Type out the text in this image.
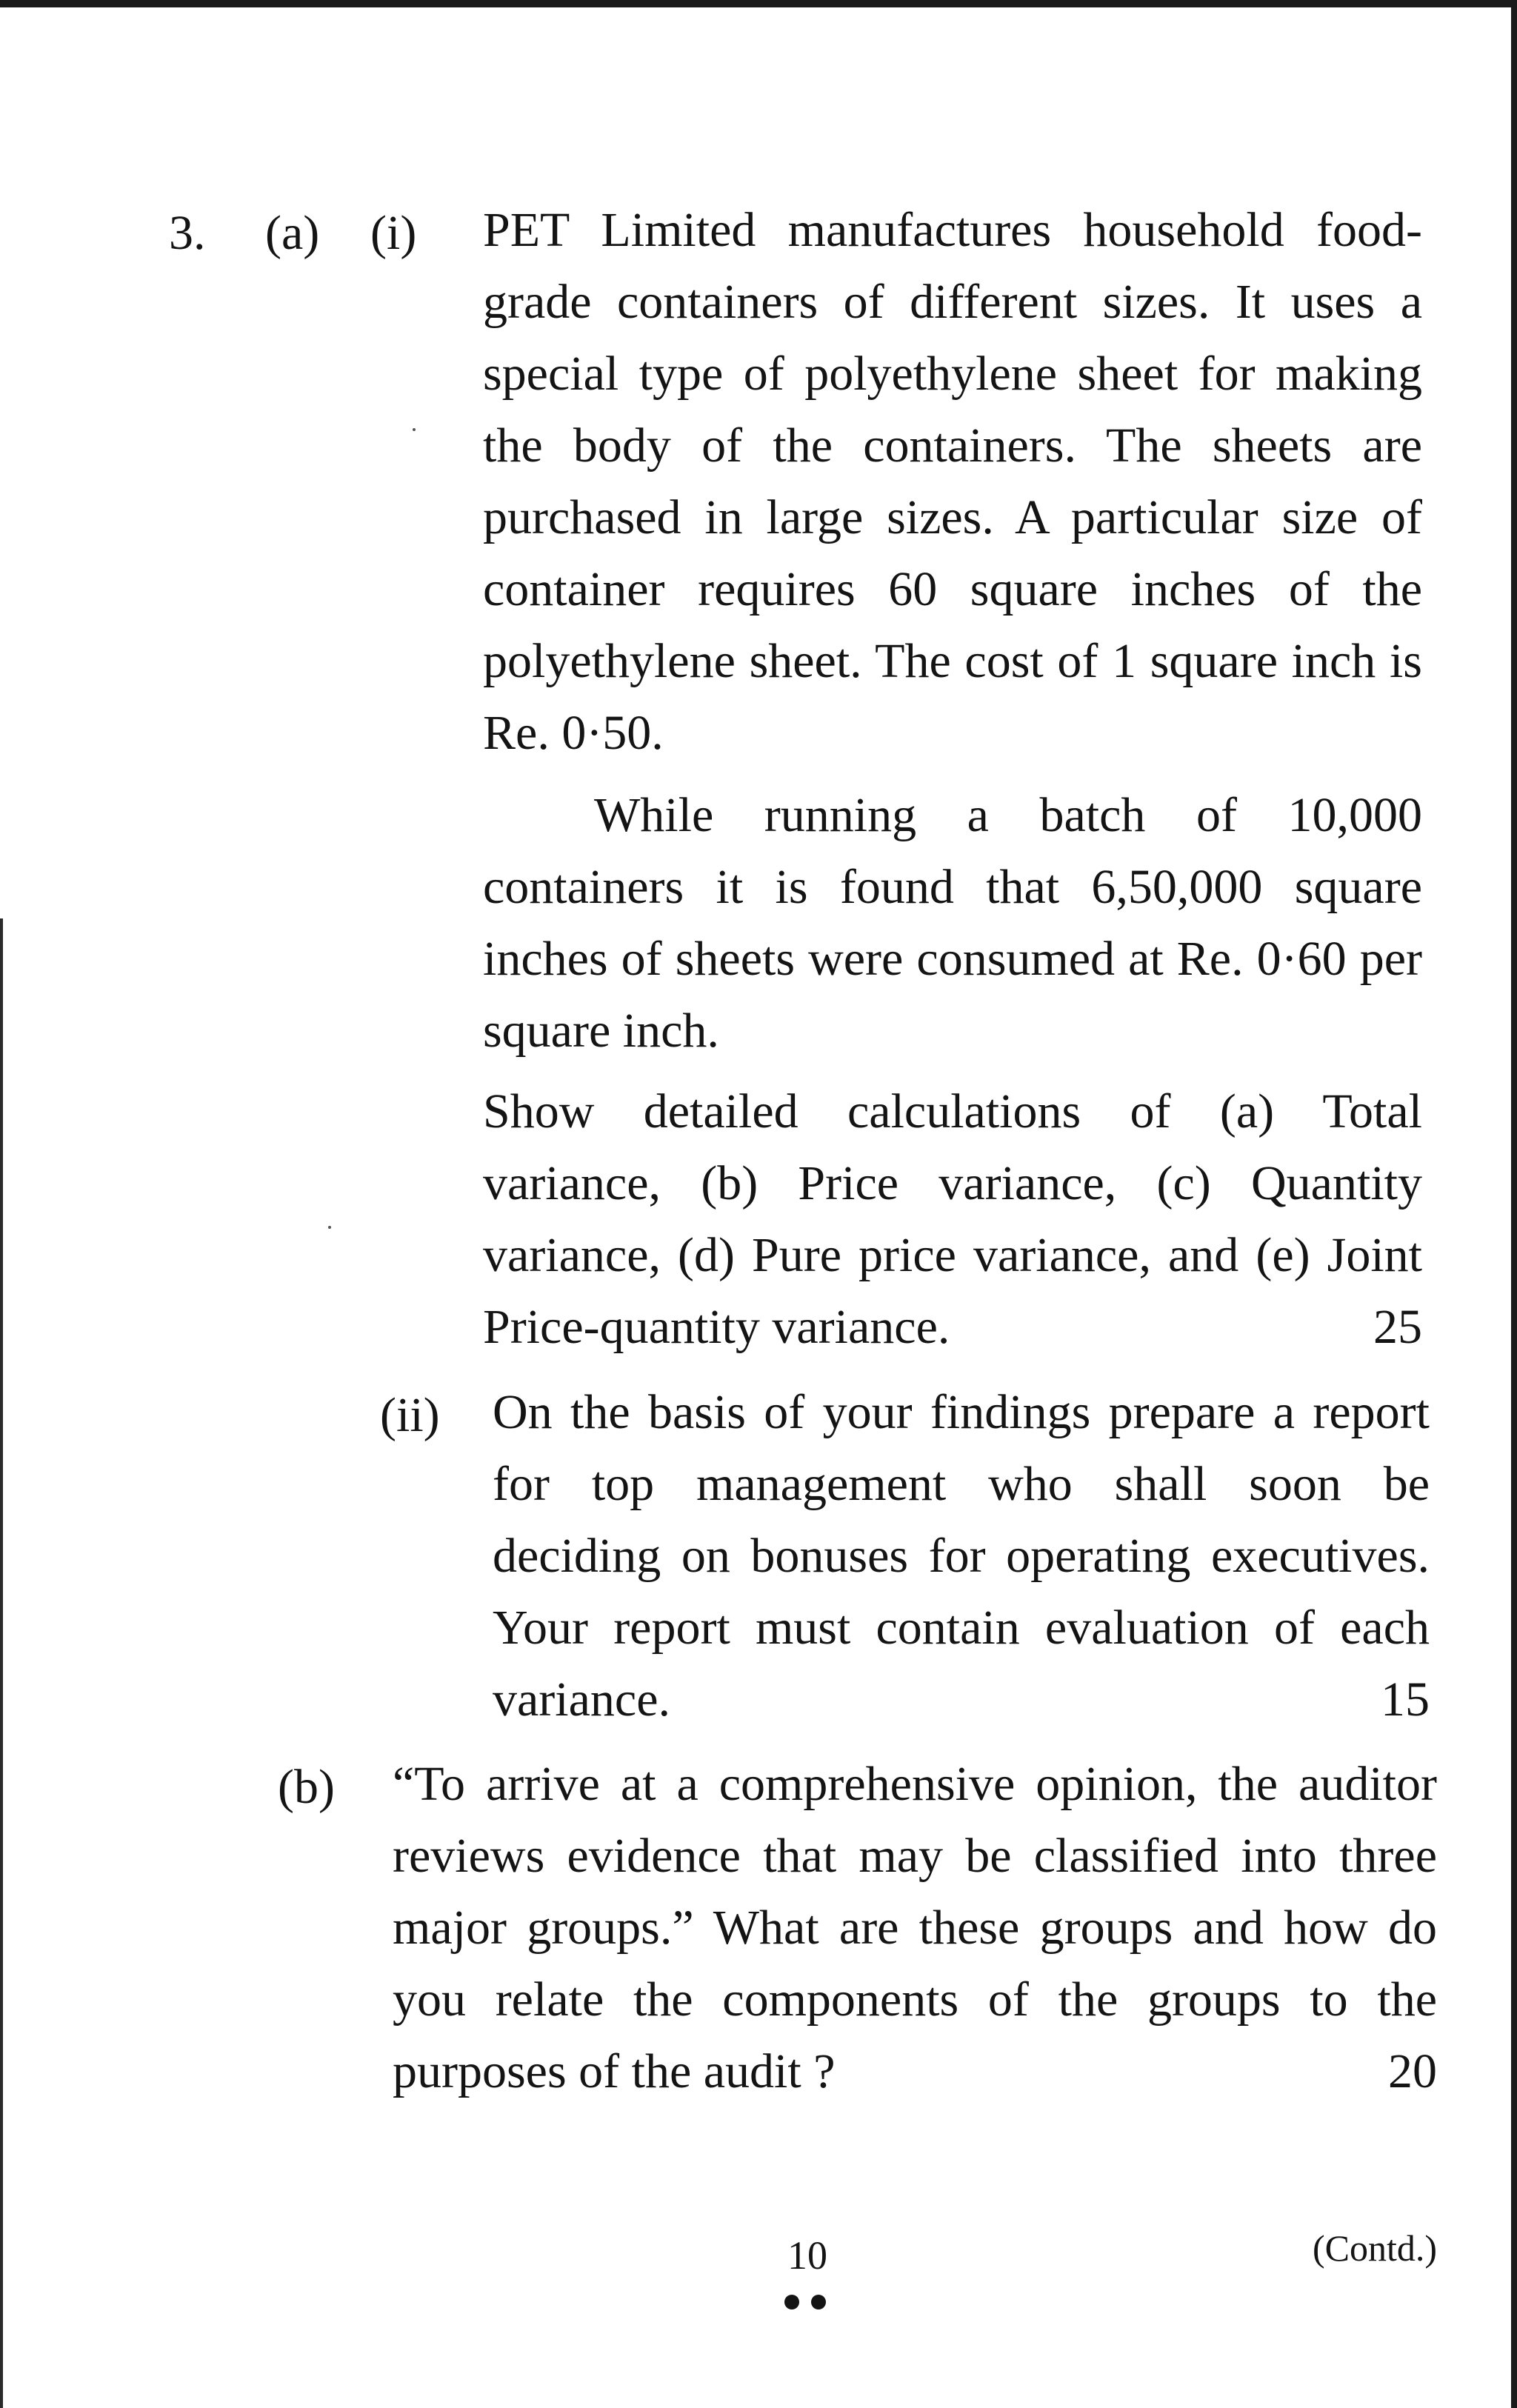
3. (a) (i) PET Limited manufactures household food-grade containers of different sizes. It uses a special type of polyethylene sheet for making the body of the containers. The sheets are purchased in large sizes. A particular size of container requires 60 square inches of the polyethylene sheet. The cost of 1 square inch is Re. 0·50.
While running a batch of 10,000 containers it is found that 6,50,000 square inches of sheets were consumed at Re. 0·60 per square inch.
Show detailed calculations of (a) Total variance, (b) Price variance, (c) Quantity variance, (d) Pure price variance, and (e) Joint Price-quantity variance.	25
(ii) On the basis of your findings prepare a report for top management who shall soon be deciding on bonuses for operating executives. Your report must contain evaluation of each variance.	15
(b) “To arrive at a comprehensive opinion, the auditor reviews evidence that may be classified into three major groups.” What are these groups and how do you relate the components of the groups to the purposes of the audit ?	20
10	(Contd.)
